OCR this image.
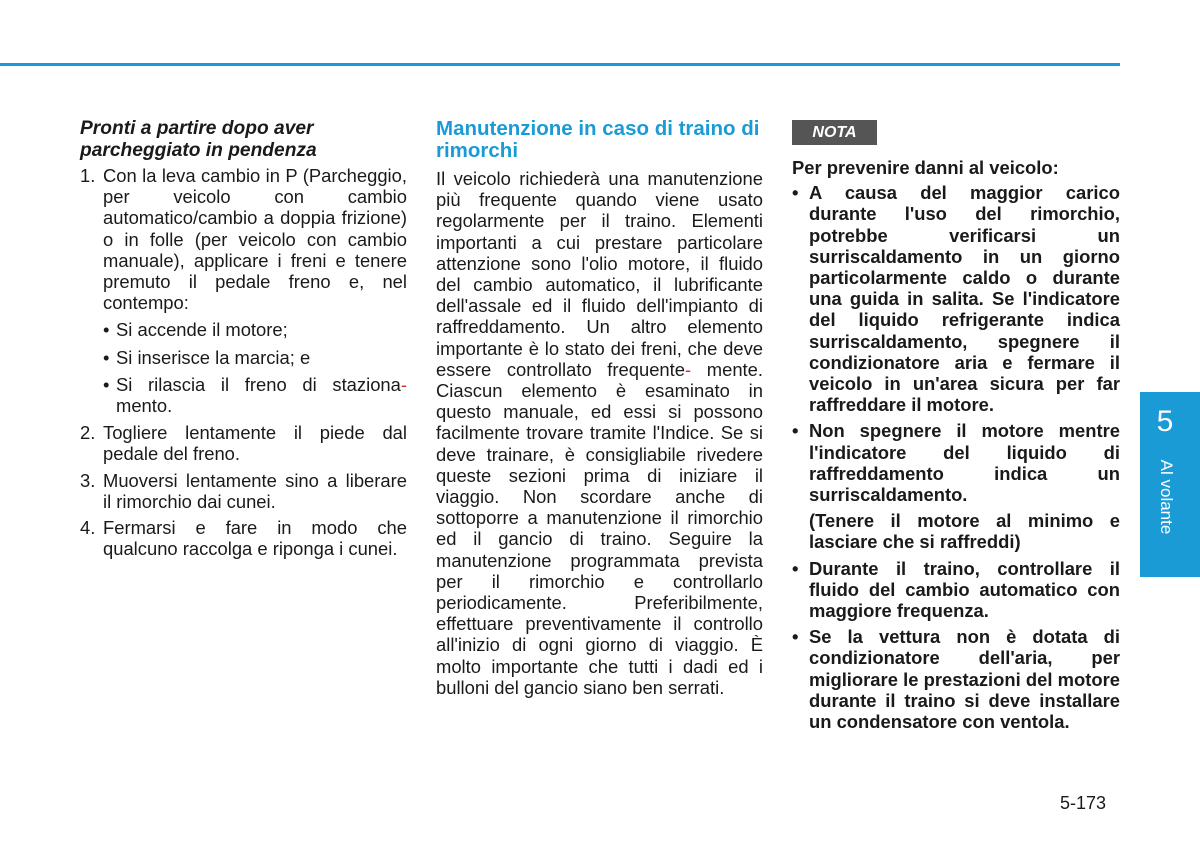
Pronti a partire dopo aver parcheggiato in pendenza
1. Con la leva cambio in P (Parcheggio, per veicolo con cambio automatico/cambio a doppia frizione) o in folle (per veicolo con cambio manuale), applicare i freni e tenere premuto il pedale freno e, nel contempo:
• Si accende il motore;
• Si inserisce la marcia; e
• Si rilascia il freno di staziona- mento.
2. Togliere lentamente il piede dal pedale del freno.
3. Muoversi lentamente sino a liberare il rimorchio dai cunei.
4. Fermarsi e fare in modo che qualcuno raccolga e riponga i cunei.
Manutenzione in caso di traino di rimorchi
Il veicolo richiederà una manutenzione più frequente quando viene usato regolarmente per il traino. Elementi importanti a cui prestare particolare attenzione sono l'olio motore, il fluido del cambio automatico, il lubrificante dell'assale ed il fluido dell'impianto di raffreddamento. Un altro elemento importante è lo stato dei freni, che deve essere controllato frequente- mente. Ciascun elemento è esaminato in questo manuale, ed essi si possono facilmente trovare tramite l'Indice. Se si deve trainare, è consigliabile rivedere queste sezioni prima di iniziare il viaggio. Non scordare anche di sottoporre a manutenzione il rimorchio ed il gancio di traino. Seguire la manutenzione programmata prevista per il rimorchio e controllarlo periodicamente. Preferibilmente, effettuare preventivamente il controllo all'inizio di ogni giorno di viaggio. È molto importante che tutti i dadi ed i bulloni del gancio siano ben serrati.
NOTA
Per prevenire danni al veicolo:
• A causa del maggior carico durante l'uso del rimorchio, potrebbe verificarsi un surriscaldamento in un giorno particolarmente caldo o durante una guida in salita. Se l'indicatore del liquido refrigerante indica surriscaldamento, spegnere il condizionatore aria e fermare il veicolo in un'area sicura per far raffreddare il motore.
• Non spegnere il motore mentre l'indicatore del liquido di raffreddamento indica un surriscaldamento.
(Tenere il motore al minimo e lasciare che si raffreddi)
• Durante il traino, controllare il fluido del cambio automatico con maggiore frequenza.
• Se la vettura non è dotata di condizionatore dell'aria, per migliorare le prestazioni del motore durante il traino si deve installare un condensatore con ventola.
5
Al volante
5-173
